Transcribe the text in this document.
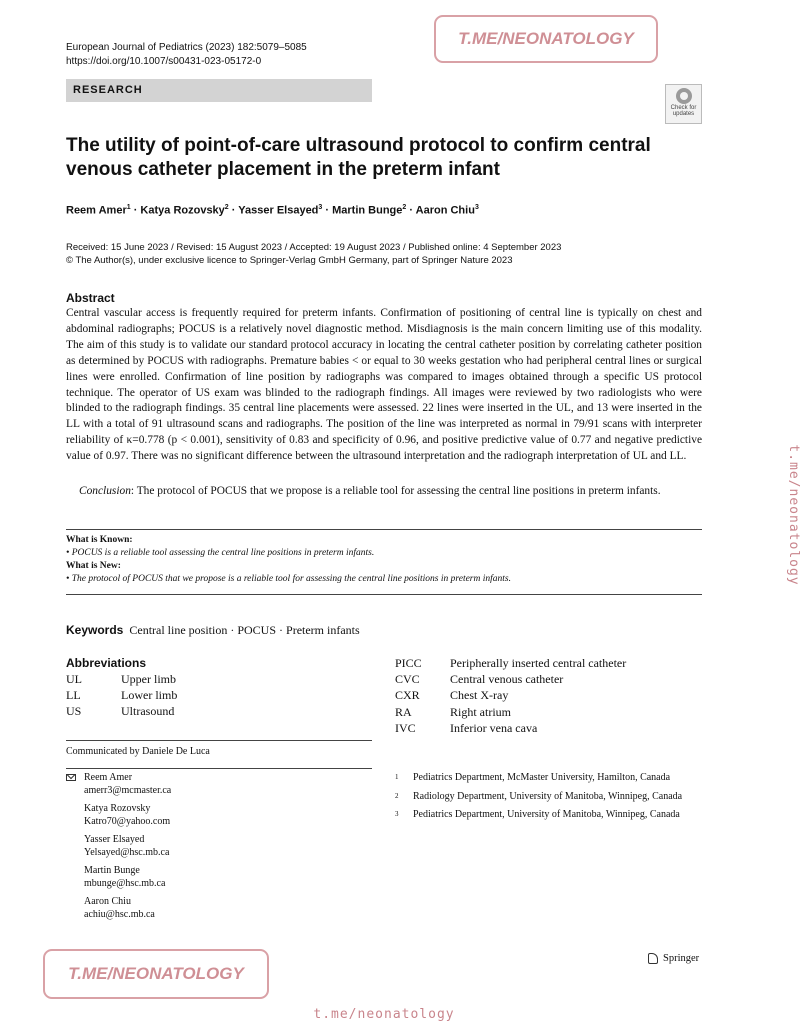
T.ME/NEONATOLOGY
T.ME/NEONATOLOGY
European Journal of Pediatrics (2023) 182:5079–5085
https://doi.org/10.1007/s00431-023-05172-0
RESEARCH
Check for
updates
The utility of point-of-care ultrasound protocol to confirm central venous catheter placement in the preterm infant
Reem Amer$^1$ · Katya Rozovsky$^2$ · Yasser Elsayed$^3$ · Martin Bunge$^2$ · Aaron Chiu$^3$
Received: 15 June 2023 / Revised: 15 August 2023 / Accepted: 19 August 2023 / Published online: 4 September 2023
© The Author(s), under exclusive licence to Springer-Verlag GmbH Germany, part of Springer Nature 2023
Abstract

Central vascular access is frequently required for preterm infants. Confirmation of positioning of central line is typically on chest and abdominal radiographs; POCUS is a relatively novel diagnostic method. Misdiagnosis is the main concern limiting use of this modality. The aim of this study is to validate our standard protocol accuracy in locating the central catheter position by correlating catheter position as determined by POCUS with radiographs. Premature babies < or equal to 30 weeks gestation who had peripheral central lines or surgical lines were enrolled. Confirmation of line position by radiographs was compared to images obtained through a specific US protocol technique. The operator of US exam was blinded to the radiograph findings. All images were reviewed by two radiologists who were blinded to the radiograph findings. 35 central line placements were assessed. 22 lines were inserted in the UL, and 13 were inserted in the LL with a total of 91 ultrasound scans and radiographs. The position of the line was interpreted as normal in 79/91 scans with interpreter reliability of κ=0.778 (p < 0.001), sensitivity of 0.83 and specificity of 0.96, and positive predictive value of 0.77 and negative predictive value of 0.97. There was no significant difference between the ultrasound interpretation and the radiograph interpretation of UL and LL.

Conclusion: The protocol of POCUS that we propose is a reliable tool for assessing the central line positions in preterm infants.

What is Known:
• POCUS is a reliable tool assessing the central line positions in preterm infants.
What is New:
• The protocol of POCUS that we propose is a reliable tool for assessing the central line positions in preterm infants.
Keywords Central line position · POCUS · Preterm infants
Abbreviations
UL	Upper limb
LL	Lower limb
US	Ultrasound
PICC	Peripherally inserted central catheter
CVC	Central venous catheter
CXR	Chest X-ray
RA	Right atrium
IVC	Inferior vena cava
Communicated by Daniele De Luca
Reem Amer
amerr3@mcmaster.ca
Katya Rozovsky
Katro70@yahoo.com
Yasser Elsayed
Yelsayed@hsc.mb.ca
Martin Bunge
mbunge@hsc.mb.ca
Aaron Chiu
achiu@hsc.mb.ca
1	Pediatrics Department, McMaster University, Hamilton, Canada
2	Radiology Department, University of Manitoba, Winnipeg, Canada
3	Pediatrics Department, University of Manitoba, Winnipeg, Canada
Springer
t.me/neonatology
t.me/neonatology
